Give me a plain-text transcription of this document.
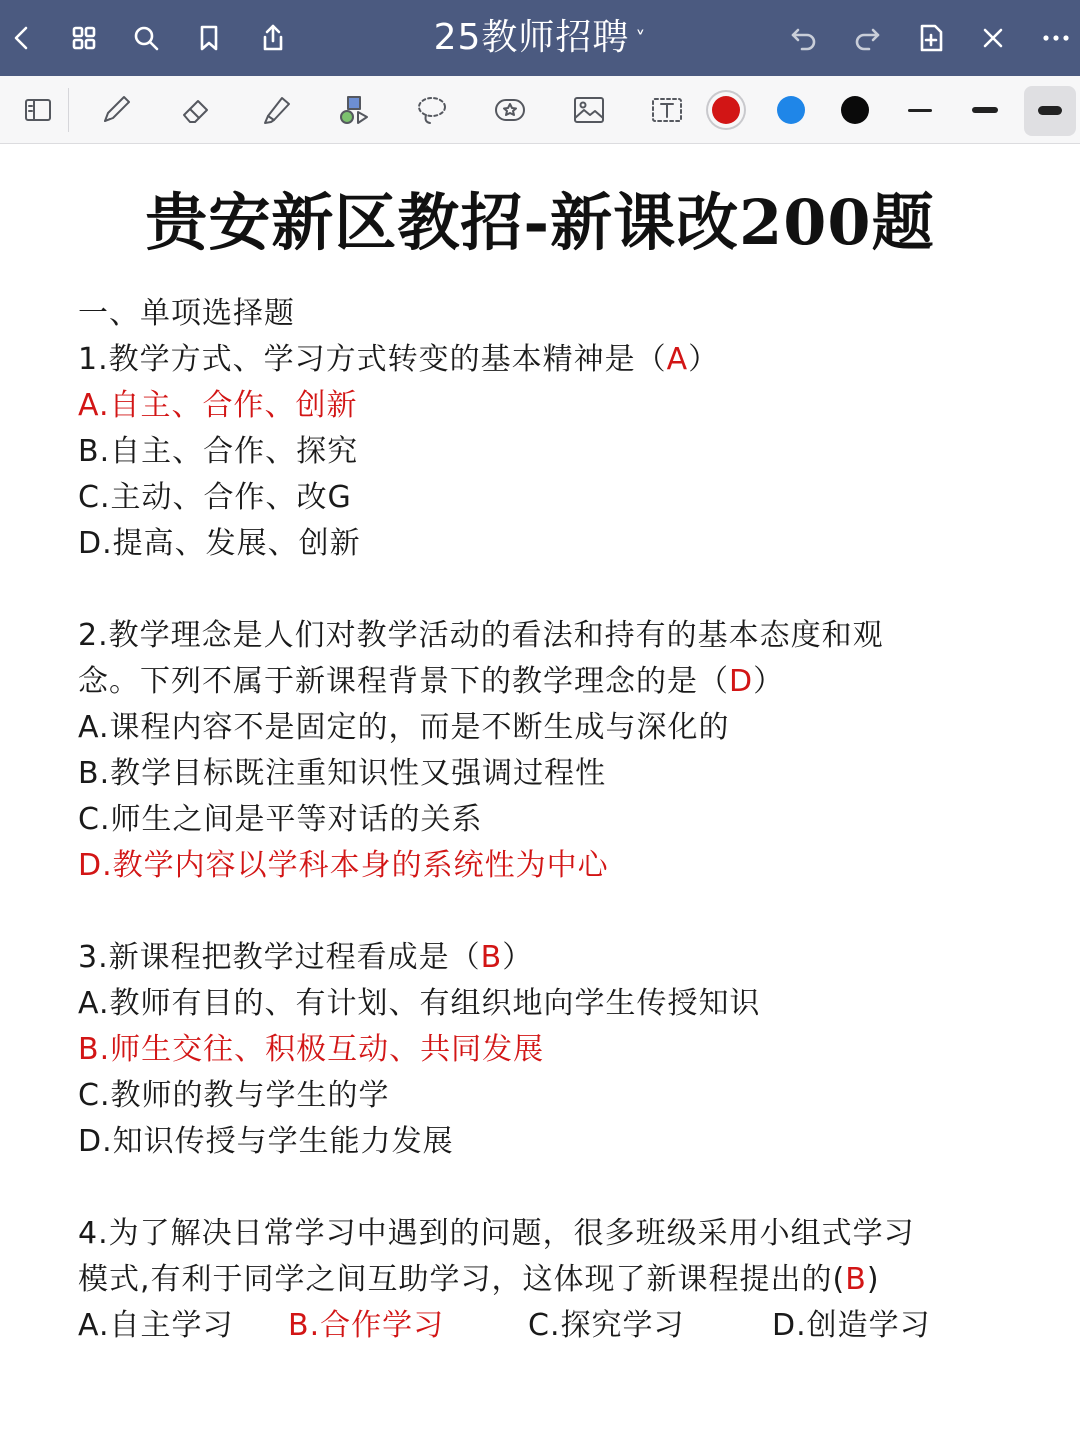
25教师招聘 ˅
贵安新区教招-新课改200题
一、单项选择题
1.教学方式、学习方式转变的基本精神是（A）
A.自主、合作、创新
B.自主、合作、探究
C.主动、合作、改G
D.提高、发展、创新
2.教学理念是人们对教学活动的看法和持有的基本态度和观
念。下列不属于新课程背景下的教学理念的是（D）
A.课程内容不是固定的，而是不断生成与深化的
B.教学目标既注重知识性又强调过程性
C.师生之间是平等对话的关系
D.教学内容以学科本身的系统性为中心
3.新课程把教学过程看成是（B）
A.教师有目的、有计划、有组织地向学生传授知识
B.师生交往、积极互动、共同发展
C.教师的教与学生的学
D.知识传授与学生能力发展
4.为了解决日常学习中遇到的问题，很多班级采用小组式学习
模式,有利于同学之间互助学习，这体现了新课程提出的(B)
A.自主学习 B.合作学习	C.探究学习	D.创造学习
